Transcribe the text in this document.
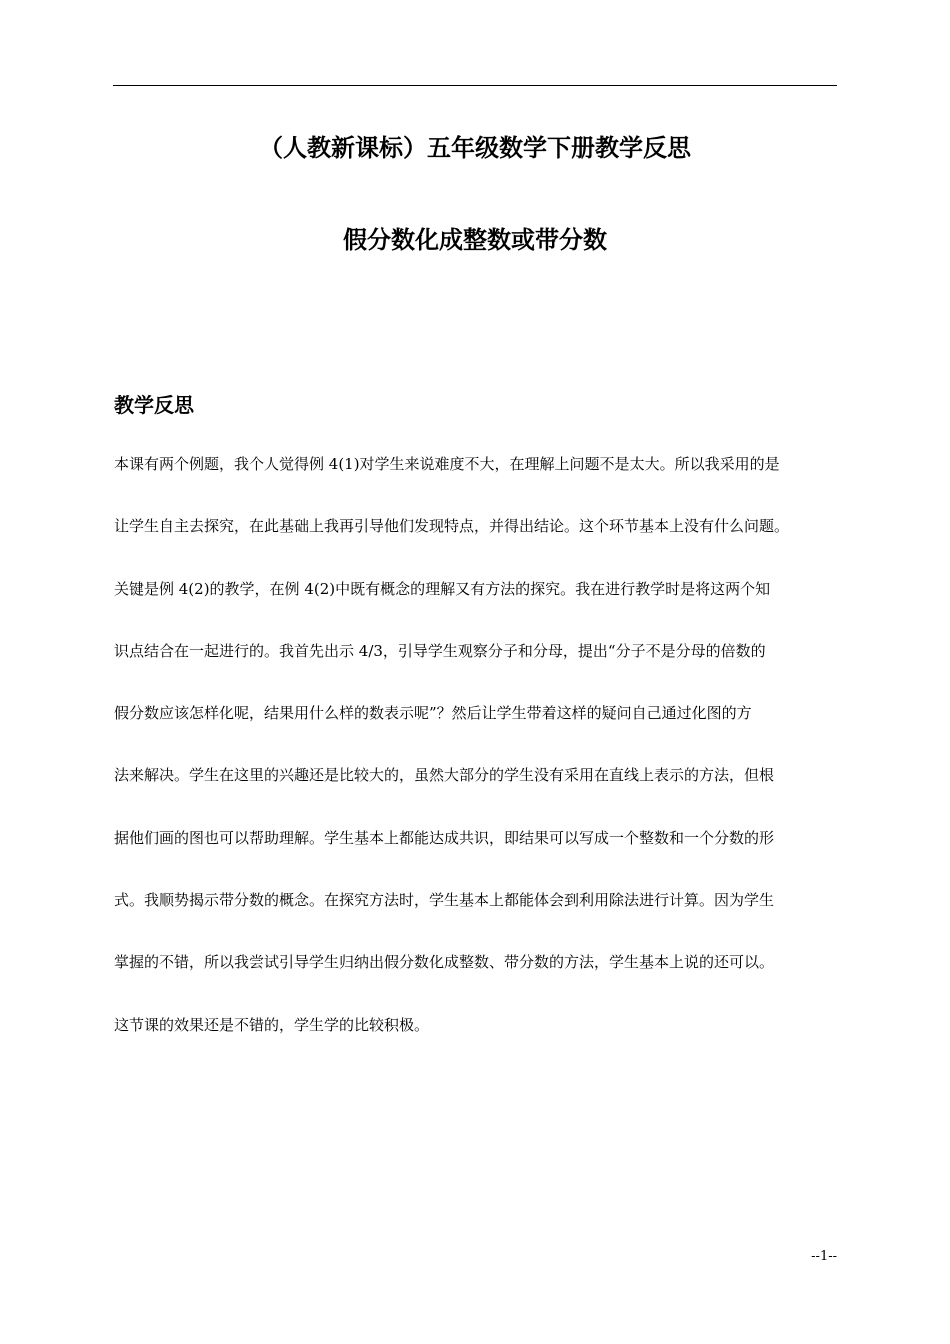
（人教新课标）五年级数学下册教学反思
假分数化成整数或带分数
教学反思
本课有两个例题，我个人觉得例 4(1)对学生来说难度不大，在理解上问题不是太大。所以我采用的是
让学生自主去探究，在此基础上我再引导他们发现特点，并得出结论。这个环节基本上没有什么问题。
关键是例 4(2)的教学，在例 4(2)中既有概念的理解又有方法的探究。我在进行教学时是将这两个知
识点结合在一起进行的。我首先出示 4/3，引导学生观察分子和分母，提出“分子不是分母的倍数的
假分数应该怎样化呢，结果用什么样的数表示呢”？然后让学生带着这样的疑问自己通过化图的方
法来解决。学生在这里的兴趣还是比较大的，虽然大部分的学生没有采用在直线上表示的方法，但根
据他们画的图也可以帮助理解。学生基本上都能达成共识，即结果可以写成一个整数和一个分数的形
式。我顺势揭示带分数的概念。在探究方法时，学生基本上都能体会到利用除法进行计算。因为学生
掌握的不错，所以我尝试引导学生归纳出假分数化成整数、带分数的方法，学生基本上说的还可以。
这节课的效果还是不错的，学生学的比较积极。
--1--
